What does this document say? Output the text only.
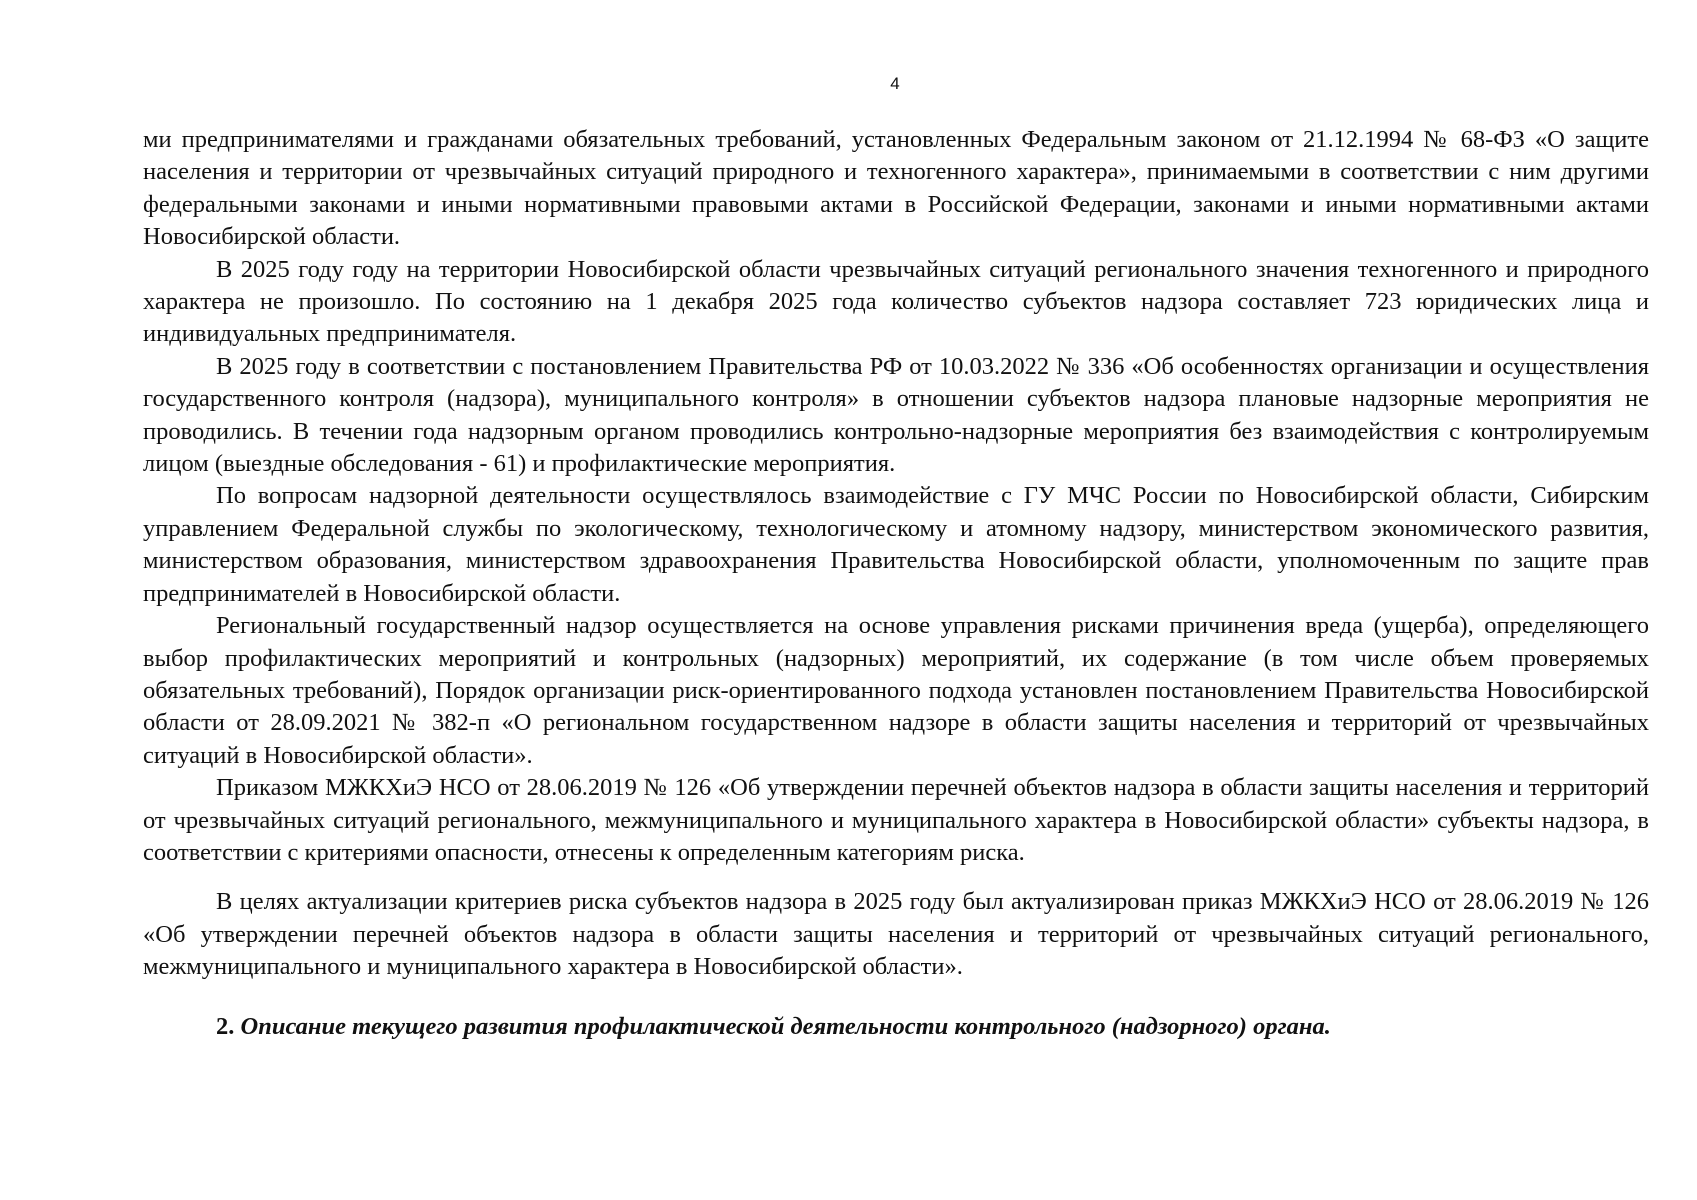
4

ми предпринимателями и гражданами обязательных требований, установленных Федеральным законом от 21.12.1994 № 68-ФЗ «О защите населения и территории от чрезвычайных ситуаций природного и техногенного характера», принимаемыми в соответствии с ним другими федеральными законами и иными нормативными правовыми актами в Российской Федерации, законами и иными нормативными актами Новосибирской области.

В 2025 году году на территории Новосибирской области чрезвычайных ситуаций регионального значения техногенного и природного характера не произошло. По состоянию на 1 декабря 2025 года количество субъектов надзора составляет 723 юридических лица и индивидуальных предпринимателя.

В 2025 году в соответствии с постановлением Правительства РФ от 10.03.2022 № 336 «Об особенностях организации и осуществления государственного контроля (надзора), муниципального контроля» в отношении субъектов надзора плановые надзорные мероприятия не проводились. В течении года надзорным органом проводились контрольно-надзорные мероприятия без взаимодействия с контролируемым лицом (выездные обследования - 61) и профилактические мероприятия.

По вопросам надзорной деятельности осуществлялось взаимодействие с ГУ МЧС России по Новосибирской области, Сибирским управлением Федеральной службы по экологическому, технологическому и атомному надзору, министерством экономического развития, министерством образования, министерством здравоохранения Правительства Новосибирской области, уполномоченным по защите прав предпринимателей в Новосибирской области.

Региональный государственный надзор осуществляется на основе управления рисками причинения вреда (ущерба), определяющего выбор профилактических мероприятий и контрольных (надзорных) мероприятий, их содержание (в том числе объем проверяемых обязательных требований), Порядок организации риск-ориентированного подхода установлен постановлением Правительства Новосибирской области от 28.09.2021 № 382-п «О региональном государственном надзоре в области защиты населения и территорий от чрезвычайных ситуаций в Новосибирской области».

Приказом МЖКХиЭ НСО от 28.06.2019 № 126 «Об утверждении перечней объектов надзора в области защиты населения и территорий от чрезвычайных ситуаций регионального, межмуниципального и муниципального характера в Новосибирской области» субъекты надзора, в соответствии с критериями опасности, отнесены к определенным категориям риска.

В целях актуализации критериев риска субъектов надзора в 2025 году был актуализирован приказ МЖКХиЭ НСО от 28.06.2019 № 126 «Об утверждении перечней объектов надзора в области защиты населения и территорий от чрезвычайных ситуаций регионального, межмуниципального и муниципального характера в Новосибирской области».

2. Описание текущего развития профилактической деятельности контрольного (надзорного) органа.
